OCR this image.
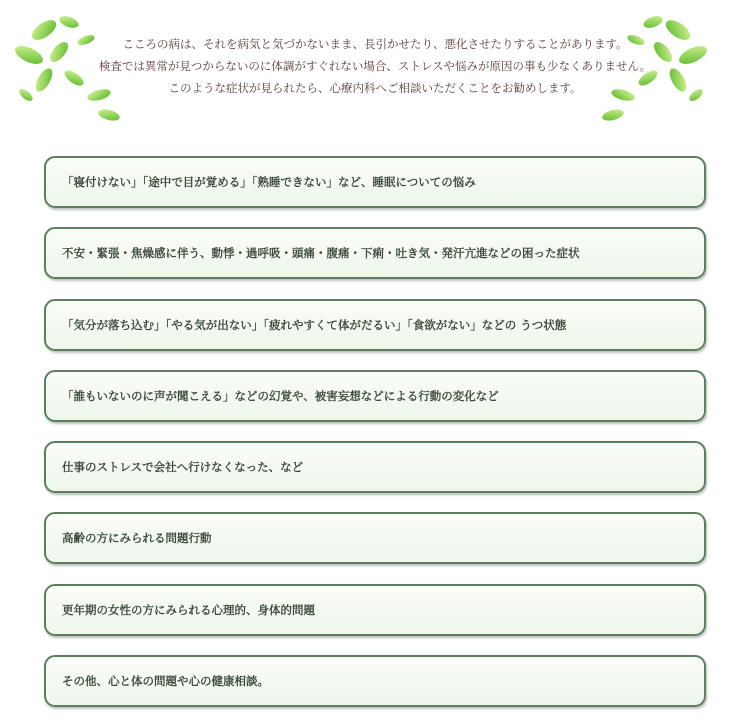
こころの病は、それを病気と気づかないまま、長引かせたり、悪化させたりすることがあります。

検査では異常が見つからないのに体調がすぐれない場合、ストレスや悩みが原因の事も少なくありません。

このような症状が見られたら、心療内科へご相談いただくことをお勧めします。

「寝付けない」「途中で目が覚める」「熟睡できない」など、睡眠についての悩み
不安・緊張・焦燥感に伴う、動悸・過呼吸・頭痛・腹痛・下痢・吐き気・発汗亢進などの困った症状
「気分が落ち込む」「やる気が出ない」「疲れやすくて体がだるい」「食欲がない」などの うつ状態
「誰もいないのに声が聞こえる」などの幻覚や、被害妄想などによる行動の変化など
仕事のストレスで会社へ行けなくなった、など
高齢の方にみられる問題行動
更年期の女性の方にみられる心理的、身体的問題
その他、心と体の問題や心の健康相談。
